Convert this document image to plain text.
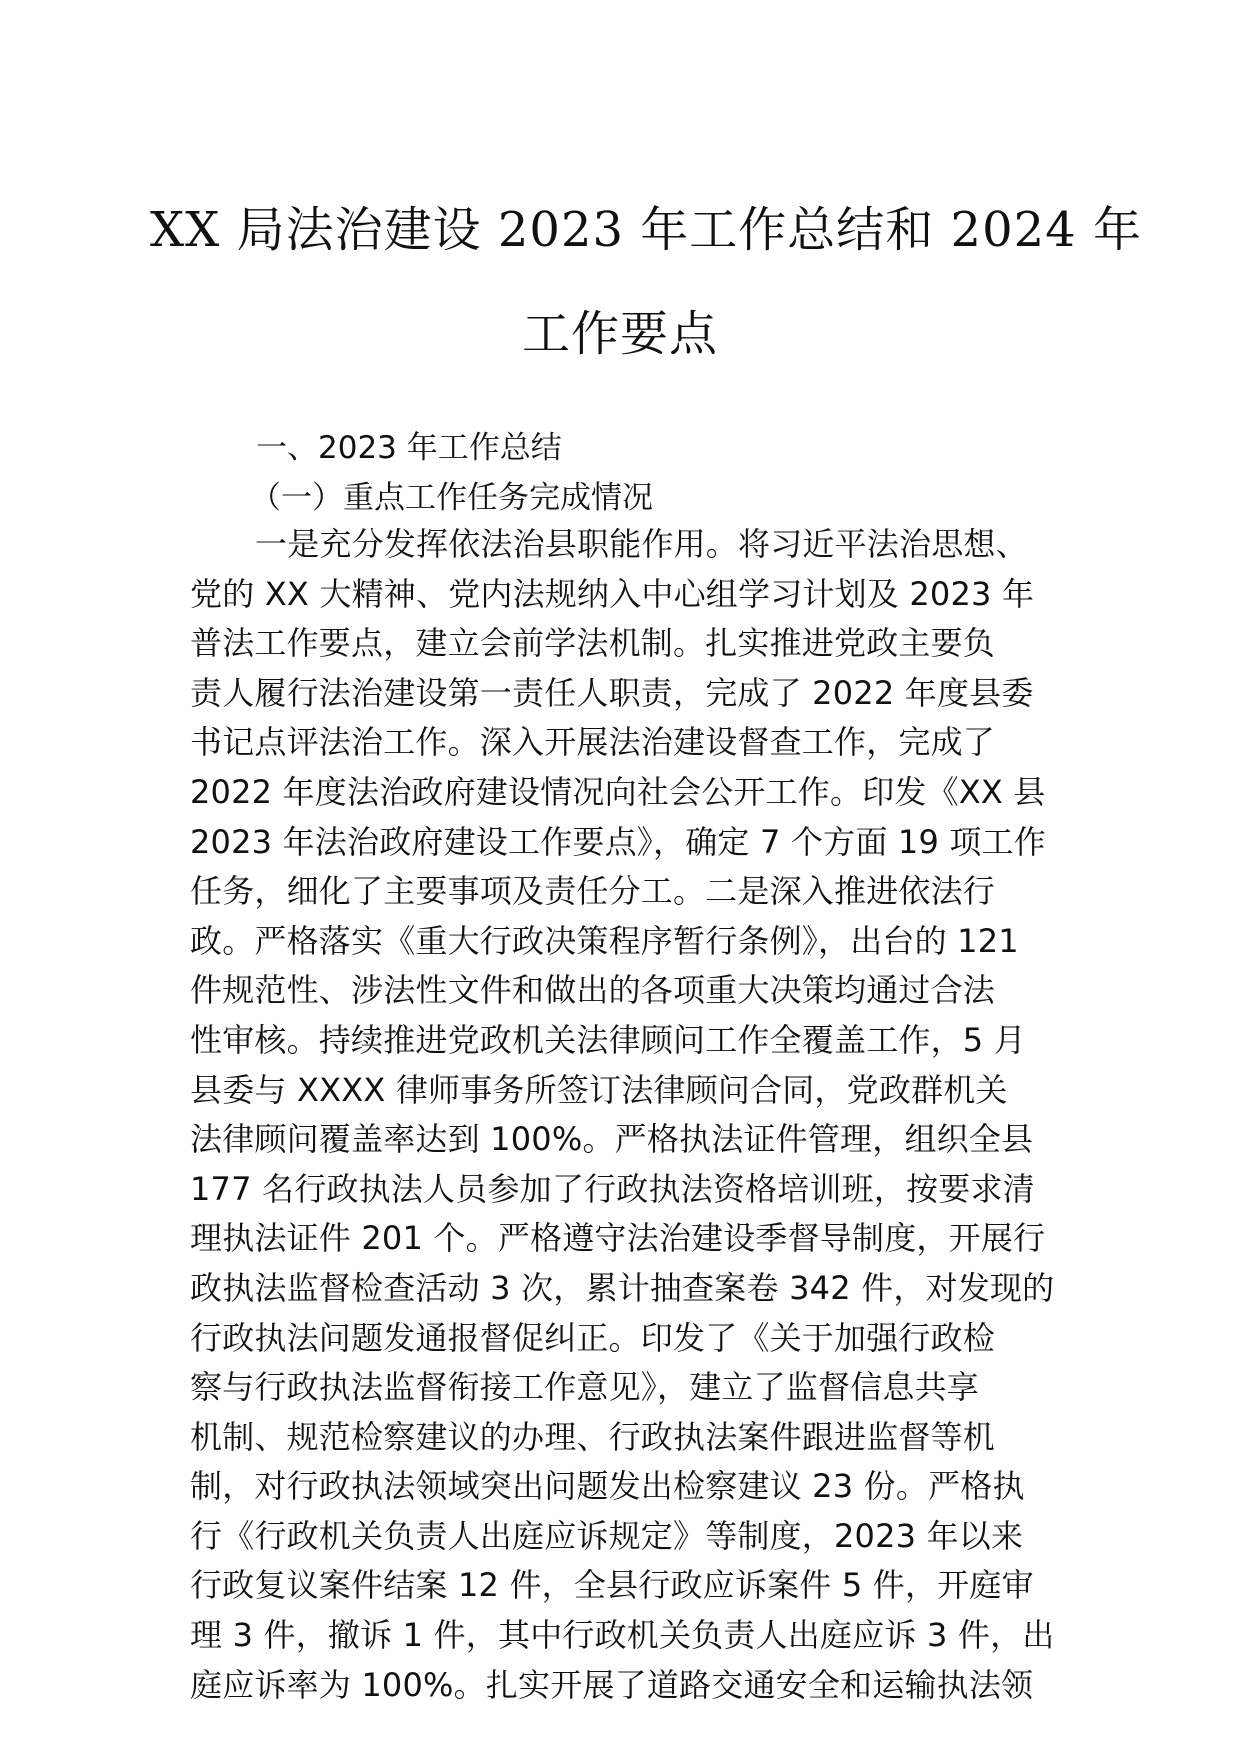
XX 局法治建设 2023 年工作总结和 2024 年
工作要点
一、2023 年工作总结
（一）重点工作任务完成情况
一是充分发挥依法治县职能作用。将习近平法治思想、
党的 XX 大精神、党内法规纳入中心组学习计划及 2023 年
普法工作要点，建立会前学法机制。扎实推进党政主要负
责人履行法治建设第一责任人职责，完成了 2022 年度县委
书记点评法治工作。深入开展法治建设督查工作，完成了
2022 年度法治政府建设情况向社会公开工作。印发《XX 县
2023 年法治政府建设工作要点》，确定 7 个方面 19 项工作
任务，细化了主要事项及责任分工。二是深入推进依法行
政。严格落实《重大行政决策程序暂行条例》，出台的 121
件规范性、涉法性文件和做出的各项重大决策均通过合法
性审核。持续推进党政机关法律顾问工作全覆盖工作，5 月
县委与 XXXX 律师事务所签订法律顾问合同，党政群机关
法律顾问覆盖率达到 100%。严格执法证件管理，组织全县
177 名行政执法人员参加了行政执法资格培训班，按要求清
理执法证件 201 个。严格遵守法治建设季督导制度，开展行
政执法监督检查活动 3 次，累计抽查案卷 342 件，对发现的
行政执法问题发通报督促纠正。印发了《关于加强行政检
察与行政执法监督衔接工作意见》，建立了监督信息共享
机制、规范检察建议的办理、行政执法案件跟进监督等机
制，对行政执法领域突出问题发出检察建议 23 份。严格执
行《行政机关负责人出庭应诉规定》等制度，2023 年以来
行政复议案件结案 12 件，全县行政应诉案件 5 件，开庭审
理 3 件，撤诉 1 件，其中行政机关负责人出庭应诉 3 件，出
庭应诉率为 100%。扎实开展了道路交通安全和运输执法领
